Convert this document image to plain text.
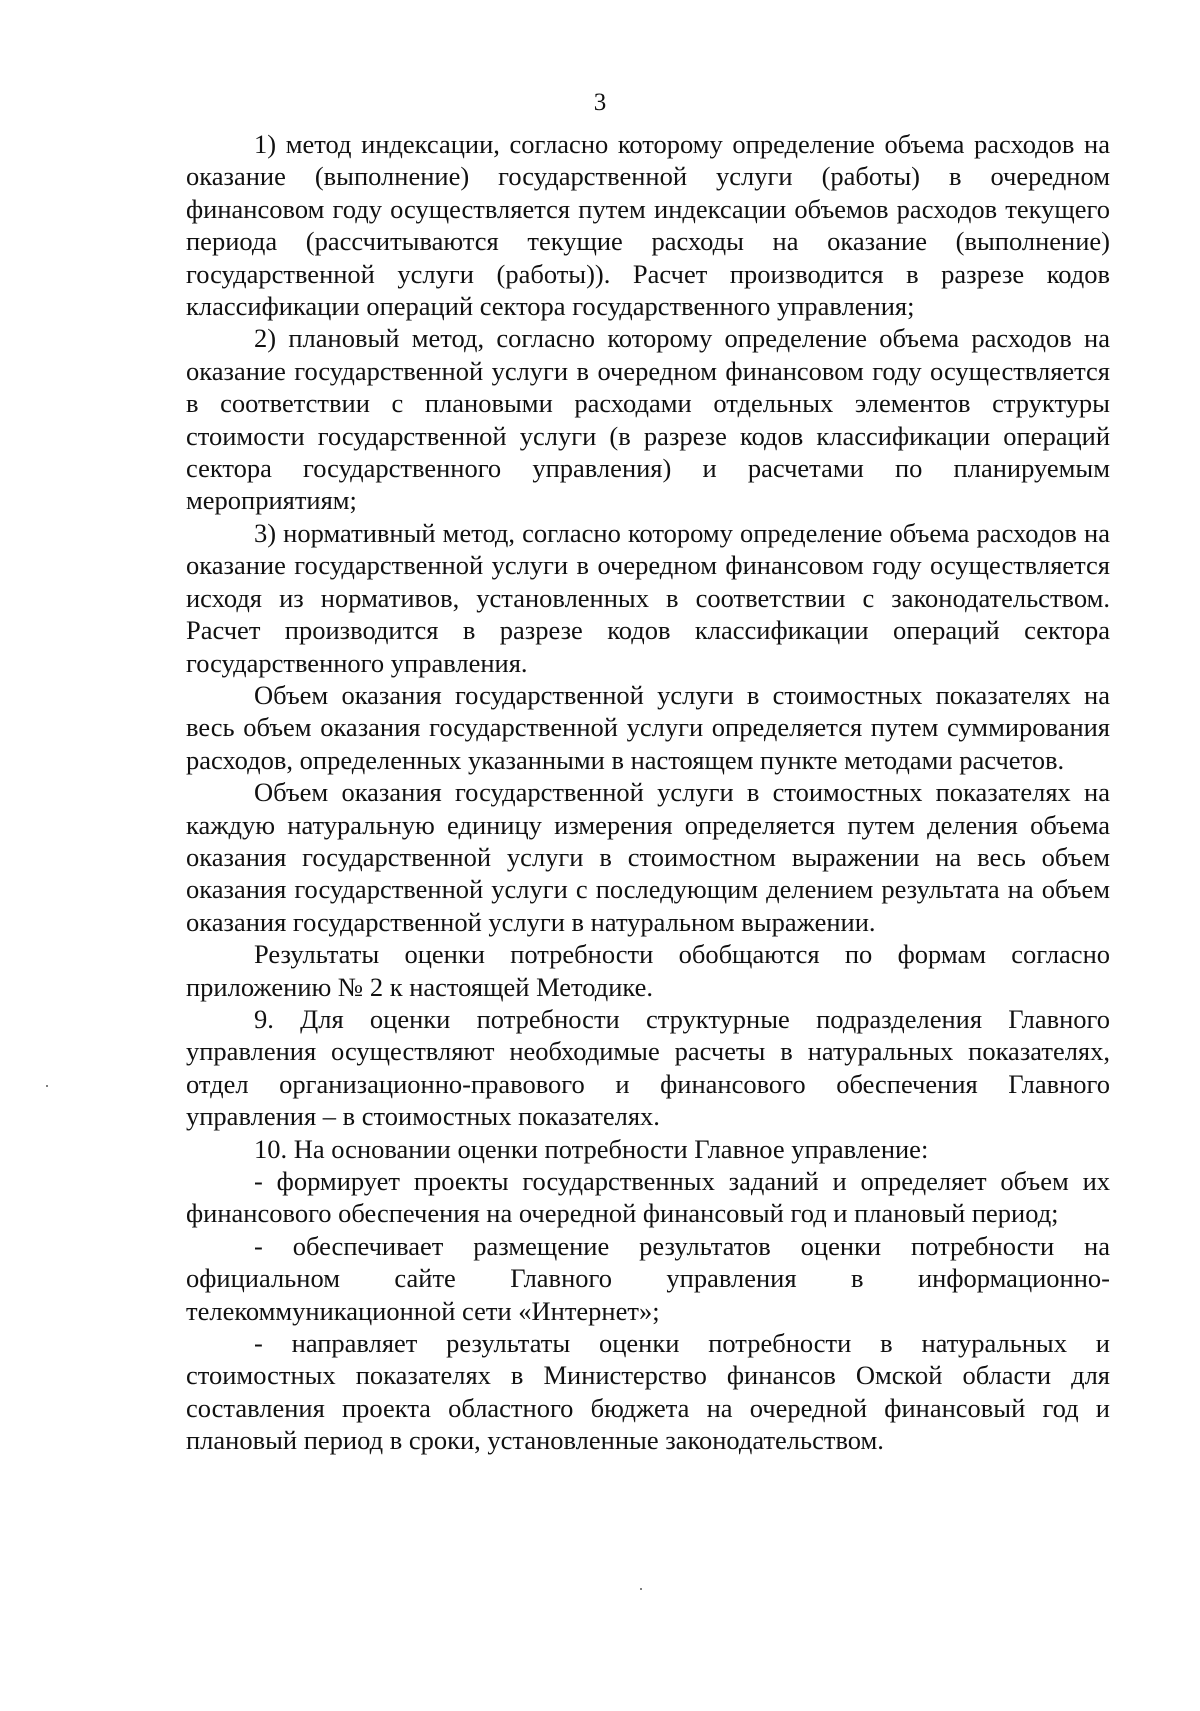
3

1) метод индексации, согласно которому определение объема расходов на оказание (выполнение) государственной услуги (работы) в очередном финансовом году осуществляется путем индексации объемов расходов текущего периода (рассчитываются текущие расходы на оказание (выполнение) государственной услуги (работы)). Расчет производится в разрезе кодов классификации операций сектора государственного управления;

2) плановый метод, согласно которому определение объема расходов на оказание государственной услуги в очередном финансовом году осуществляется в соответствии с плановыми расходами отдельных элементов структуры стоимости государственной услуги (в разрезе кодов классификации операций сектора государственного управления) и расчетами по планируемым мероприятиям;

3) нормативный метод, согласно которому определение объема расходов на оказание государственной услуги в очередном финансовом году осуществляется исходя из нормативов, установленных в соответствии с законодательством. Расчет производится в разрезе кодов классификации операций сектора государственного управления.

Объем оказания государственной услуги в стоимостных показателях на весь объем оказания государственной услуги определяется путем суммирования расходов, определенных указанными в настоящем пункте методами расчетов.

Объем оказания государственной услуги в стоимостных показателях на каждую натуральную единицу измерения определяется путем деления объема оказания государственной услуги в стоимостном выражении на весь объем оказания государственной услуги с последующим делением результата на объем оказания государственной услуги в натуральном выражении.

Результаты оценки потребности обобщаются по формам согласно приложению № 2 к настоящей Методике.

9. Для оценки потребности структурные подразделения Главного управления осуществляют необходимые расчеты в натуральных показателях, отдел организационно-правового и финансового обеспечения Главного управления – в стоимостных показателях.

10. На основании оценки потребности Главное управление:

- формирует проекты государственных заданий и определяет объем их финансового обеспечения на очередной финансовый год и плановый период;

- обеспечивает размещение результатов оценки потребности на официальном сайте Главного управления в информационно-телекоммуникационной сети «Интернет»;

- направляет результаты оценки потребности в натуральных и стоимостных показателях в Министерство финансов Омской области для составления проекта областного бюджета на очередной финансовый год и плановый период в сроки, установленные законодательством.
